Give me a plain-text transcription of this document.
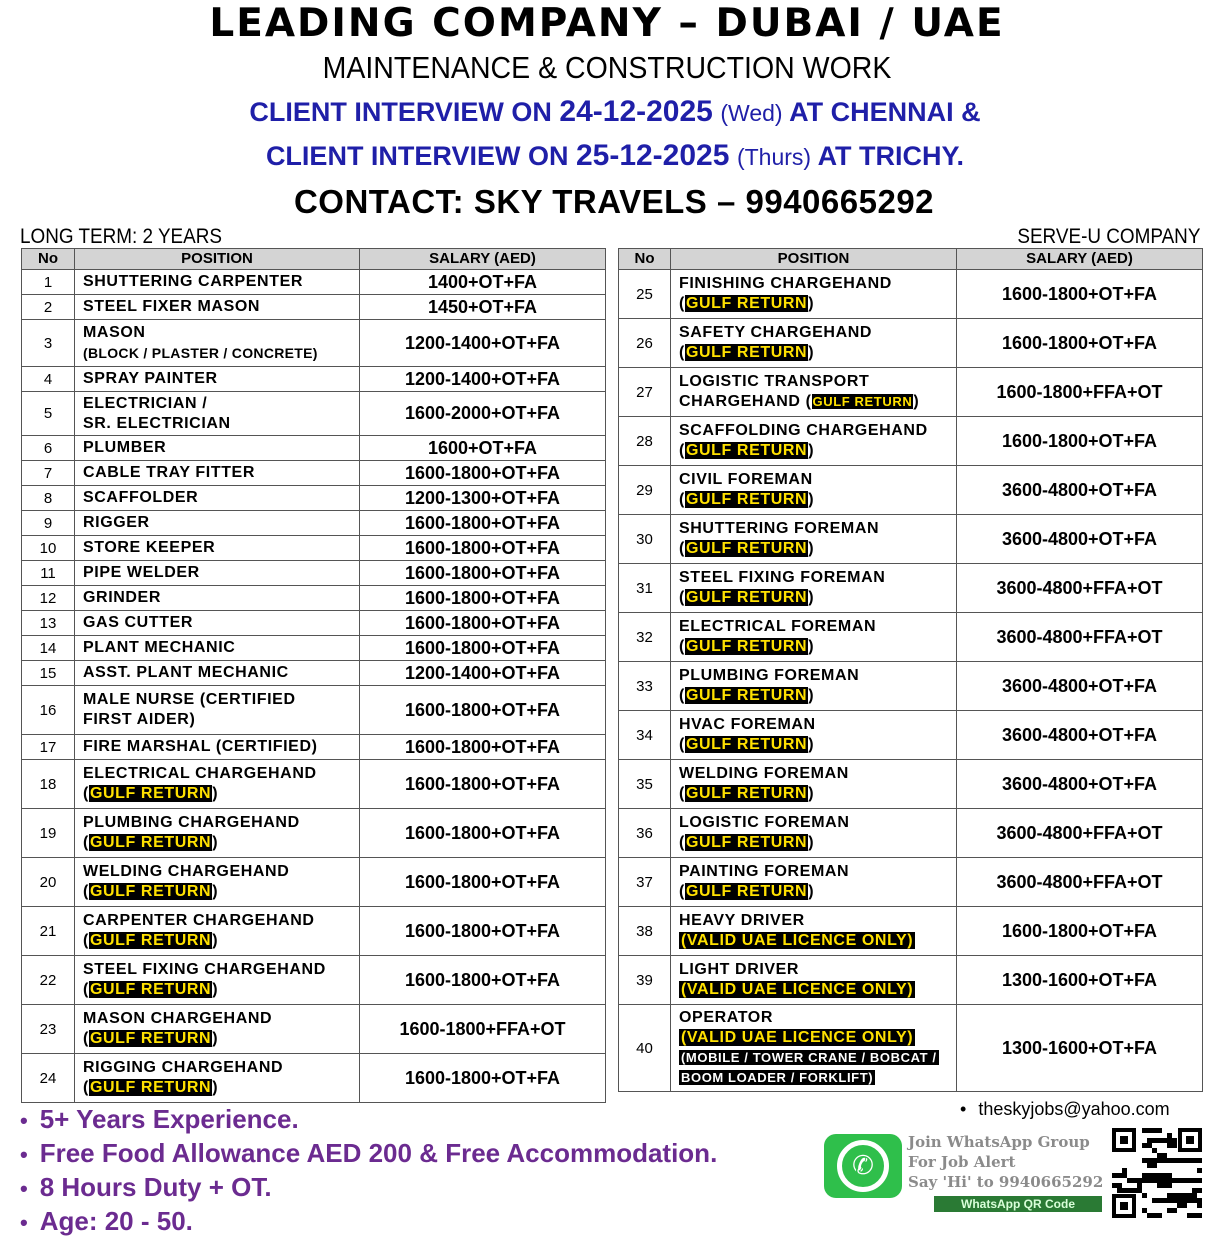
LEADING COMPANY – DUBAI / UAE
MAINTENANCE & CONSTRUCTION WORK
CLIENT INTERVIEW ON 24-12-2025 (Wed) AT CHENNAI &
CLIENT INTERVIEW ON 25-12-2025 (Thurs) AT TRICHY.
CONTACT: SKY TRAVELS – 9940665292
LONG TERM: 2 YEARS	SERVE-U COMPANY
No	POSITION	SALARY (AED)
1	SHUTTERING CARPENTER	1400+OT+FA
2	STEEL FIXER MASON	1450+OT+FA
3	MASON
(BLOCK / PLASTER / CONCRETE)	1200-1400+OT+FA
4	SPRAY PAINTER	1200-1400+OT+FA
5	ELECTRICIAN /
SR. ELECTRICIAN	1600-2000+OT+FA
6	PLUMBER	1600+OT+FA
7	CABLE TRAY FITTER	1600-1800+OT+FA
8	SCAFFOLDER	1200-1300+OT+FA
9	RIGGER	1600-1800+OT+FA
10	STORE KEEPER	1600-1800+OT+FA
11	PIPE WELDER	1600-1800+OT+FA
12	GRINDER	1600-1800+OT+FA
13	GAS CUTTER	1600-1800+OT+FA
14	PLANT MECHANIC	1600-1800+OT+FA
15	ASST. PLANT MECHANIC	1200-1400+OT+FA
16	MALE NURSE (CERTIFIED
FIRST AIDER)	1600-1800+OT+FA
17	FIRE MARSHAL (CERTIFIED)	1600-1800+OT+FA
18	ELECTRICAL CHARGEHAND
(GULF RETURN)	1600-1800+OT+FA
19	PLUMBING CHARGEHAND
(GULF RETURN)	1600-1800+OT+FA
20	WELDING CHARGEHAND
(GULF RETURN)	1600-1800+OT+FA
21	CARPENTER CHARGEHAND
(GULF RETURN)	1600-1800+OT+FA
22	STEEL FIXING CHARGEHAND
(GULF RETURN)	1600-1800+OT+FA
23	MASON CHARGEHAND
(GULF RETURN)	1600-1800+FFA+OT
24	RIGGING CHARGEHAND
(GULF RETURN)	1600-1800+OT+FA
No	POSITION	SALARY (AED)
25	FINISHING CHARGEHAND
(GULF RETURN)	1600-1800+OT+FA
26	SAFETY CHARGEHAND
(GULF RETURN)	1600-1800+OT+FA
27	LOGISTIC TRANSPORT
CHARGEHAND (GULF RETURN)	1600-1800+FFA+OT
28	SCAFFOLDING CHARGEHAND
(GULF RETURN)	1600-1800+OT+FA
29	CIVIL FOREMAN
(GULF RETURN)	3600-4800+OT+FA
30	SHUTTERING FOREMAN
(GULF RETURN)	3600-4800+OT+FA
31	STEEL FIXING FOREMAN
(GULF RETURN)	3600-4800+FFA+OT
32	ELECTRICAL FOREMAN
(GULF RETURN)	3600-4800+FFA+OT
33	PLUMBING FOREMAN
(GULF RETURN)	3600-4800+OT+FA
34	HVAC FOREMAN
(GULF RETURN)	3600-4800+OT+FA
35	WELDING FOREMAN
(GULF RETURN)	3600-4800+OT+FA
36	LOGISTIC FOREMAN
(GULF RETURN)	3600-4800+FFA+OT
37	PAINTING FOREMAN
(GULF RETURN)	3600-4800+FFA+OT
38	HEAVY DRIVER
(VALID UAE LICENCE ONLY)	1600-1800+OT+FA
39	LIGHT DRIVER
(VALID UAE LICENCE ONLY)	1300-1600+OT+FA
40	OPERATOR
(VALID UAE LICENCE ONLY)
(MOBILE / TOWER CRANE / BOBCAT /
BOOM LOADER / FORKLIFT)	1300-1600+OT+FA
• 5+ Years Experience.
• Free Food Allowance AED 200 & Free Accommodation.
• 8 Hours Duty + OT.
• Age: 20 - 50.
• theskyjobs@yahoo.com
✆
Join WhatsApp Group
For Job Alert
Say 'Hi' to 9940665292
WhatsApp QR Code
